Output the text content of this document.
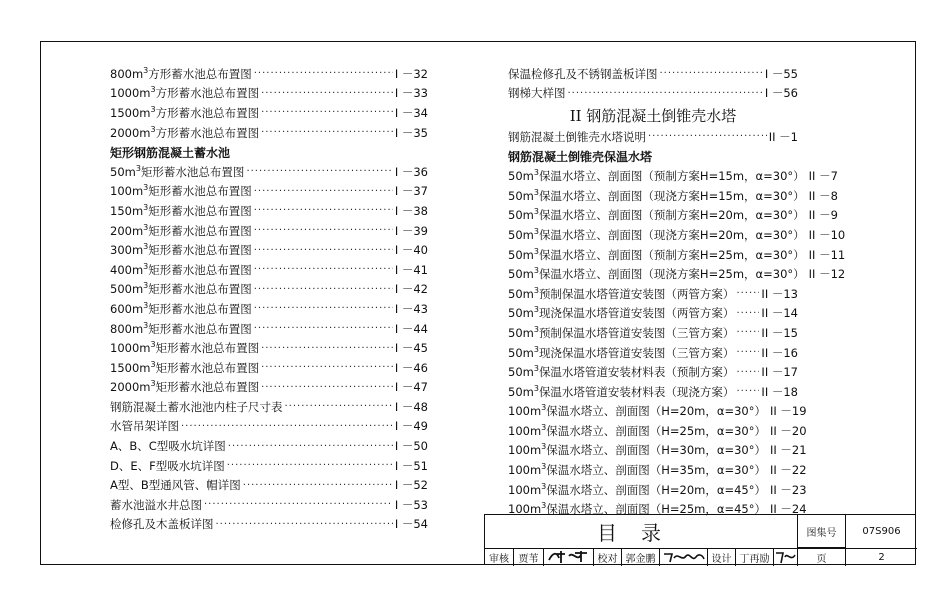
$800m^3$方形蓄水池总布置图 ·····	I －32
$1000m^3$方形蓄水池总布置图 ·····	I －33
$1500m^3$方形蓄水池总布置图 ·····	I －34
$2000m^3$方形蓄水池总布置图 ·····	I －35
矩形钢筋混凝土蓄水池
$50m^3$矩形蓄水池总布置图 ·····	I －36
$100m^3$矩形蓄水池总布置图 ·····	I －37
$150m^3$矩形蓄水池总布置图 ·····	I －38
$200m^3$矩形蓄水池总布置图 ·····	I －39
$300m^3$矩形蓄水池总布置图 ·····	I －40
$400m^3$矩形蓄水池总布置图 ·····	I －41
$500m^3$矩形蓄水池总布置图 ·····	I －42
$600m^3$矩形蓄水池总布置图 ·····	I －43
$800m^3$矩形蓄水池总布置图 ·····	I －44
$1000m^3$矩形蓄水池总布置图 ·····	I －45
$1500m^3$矩形蓄水池总布置图 ·····	I －46
$2000m^3$矩形蓄水池总布置图 ·····	I －47
钢筋混凝土蓄水池池内柱子尺寸表 ·····	I －48
水管吊架详图 ·····	I －49
A、B、C型吸水坑详图 ·····	I －50
D、E、F型吸水坑详图 ·····	I －51
A型、B型通风管、帽详图 ·····	I －52
蓄水池溢水井总图 ·····	I －53
检修孔及木盖板详图 ·····	I －54
保温检修孔及不锈钢盖板详图 ·····	I －55
钢梯大样图 ·····	I －56
II 钢筋混凝土倒锥壳水塔
钢筋混凝土倒锥壳水塔说明 ·····	II －1
钢筋混凝土倒锥壳保温水塔
$50m^3$保温水塔立、剖面图（预制方案H=15m，α=30°） II －7
$50m^3$保温水塔立、剖面图（现浇方案H=15m，α=30°） II －8
$50m^3$保温水塔立、剖面图（预制方案H=20m，α=30°） II －9
$50m^3$保温水塔立、剖面图（现浇方案H=20m，α=30°） II －10
$50m^3$保温水塔立、剖面图（预制方案H=25m，α=30°） II －11
$50m^3$保温水塔立、剖面图（现浇方案H=25m，α=30°） II －12
$50m^3$预制保温水塔管道安装图（两管方案） ····· II －13
$50m^3$现浇保温水塔管道安装图（两管方案） ····· II －14
$50m^3$预制保温水塔管道安装图（三管方案） ····· II －15
$50m^3$现浇保温水塔管道安装图（三管方案） ····· II －16
$50m^3$保温水塔管道安装材料表（预制方案） ····· II －17
$50m^3$保温水塔管道安装材料表（现浇方案） ····· II －18
$100m^3$保温水塔立、剖面图（H=20m，α=30°） II －19
$100m^3$保温水塔立、剖面图（H=25m，α=30°） II －20
$100m^3$保温水塔立、剖面图（H=30m，α=30°） II －21
$100m^3$保温水塔立、剖面图（H=35m，α=30°） II －22
$100m^3$保温水塔立、剖面图（H=20m，α=45°） II －23
$100m^3$保温水塔立、剖面图（H=25m，α=45°） II －24
目录	图集号	07S906
审核 贾苇	校对 郭金鹏	设计 丁再励	页	2
